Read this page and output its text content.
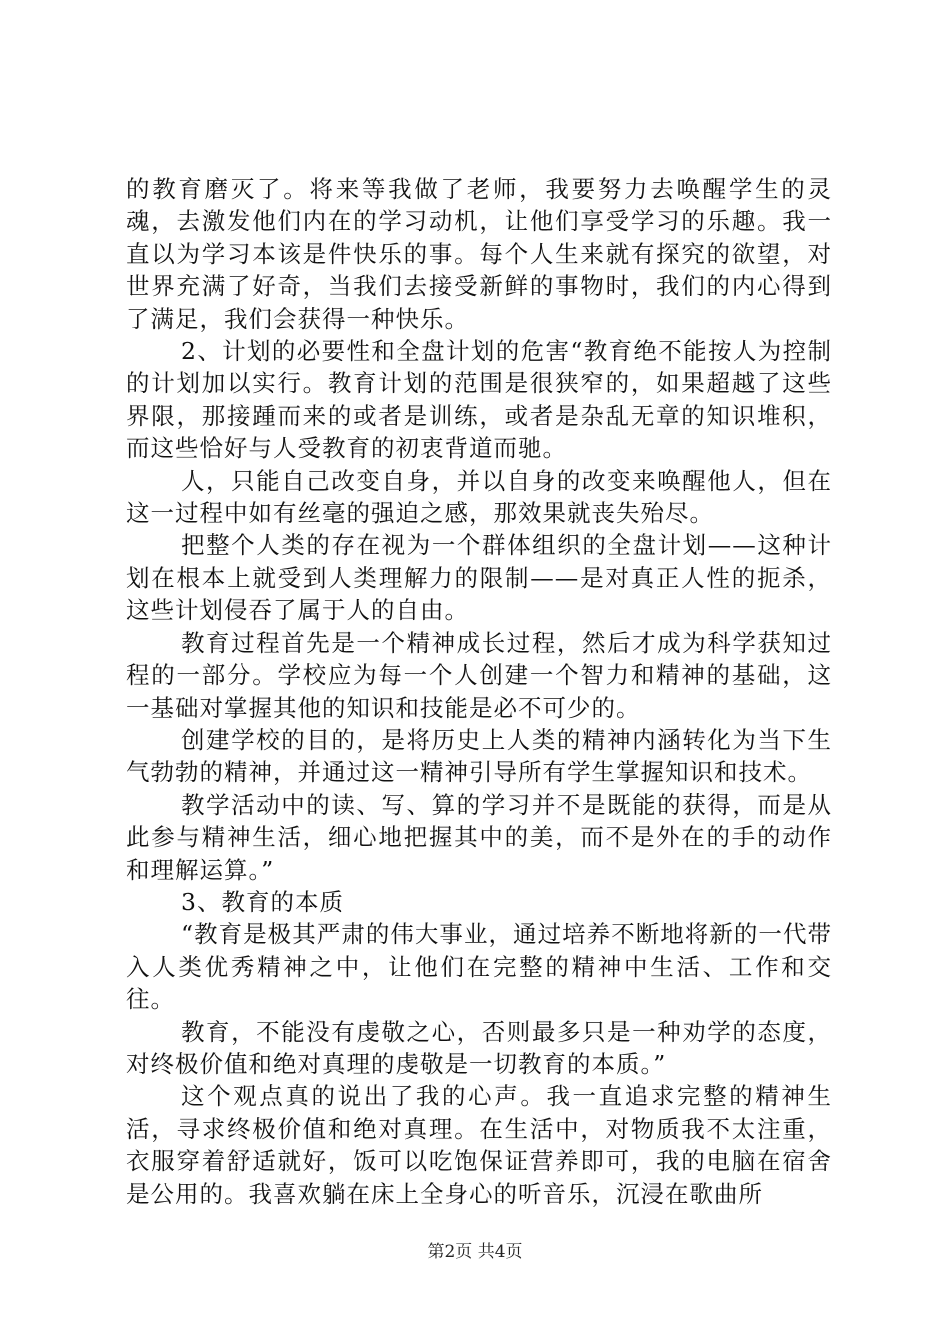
的教育磨灭了。将来等我做了老师，我要努力去唤醒学生的灵魂，去激发他们内在的学习动机，让他们享受学习的乐趣。我一直以为学习本该是件快乐的事。每个人生来就有探究的欲望，对世界充满了好奇，当我们去接受新鲜的事物时，我们的内心得到了满足，我们会获得一种快乐。

2、计划的必要性和全盘计划的危害“教育绝不能按人为控制的计划加以实行。教育计划的范围是很狭窄的，如果超越了这些界限，那接踵而来的或者是训练，或者是杂乱无章的知识堆积，而这些恰好与人受教育的初衷背道而驰。

人，只能自己改变自身，并以自身的改变来唤醒他人，但在这一过程中如有丝毫的强迫之感，那效果就丧失殆尽。

把整个人类的存在视为一个群体组织的全盘计划——这种计划在根本上就受到人类理解力的限制——是对真正人性的扼杀，这些计划侵吞了属于人的自由。

教育过程首先是一个精神成长过程，然后才成为科学获知过程的一部分。学校应为每一个人创建一个智力和精神的基础，这一基础对掌握其他的知识和技能是必不可少的。

创建学校的目的，是将历史上人类的精神内涵转化为当下生气勃勃的精神，并通过这一精神引导所有学生掌握知识和技术。

教学活动中的读、写、算的学习并不是既能的获得，而是从此参与精神生活，细心地把握其中的美，而不是外在的手的动作和理解运算。”

3、教育的本质

“教育是极其严肃的伟大事业，通过培养不断地将新的一代带入人类优秀精神之中，让他们在完整的精神中生活、工作和交往。

教育，不能没有虔敬之心，否则最多只是一种劝学的态度，对终极价值和绝对真理的虔敬是一切教育的本质。”

这个观点真的说出了我的心声。我一直追求完整的精神生活，寻求终极价值和绝对真理。在生活中，对物质我不太注重，衣服穿着舒适就好，饭可以吃饱保证营养即可，我的电脑在宿舍是公用的。我喜欢躺在床上全身心的听音乐，沉浸在歌曲所

第2页 共4页
